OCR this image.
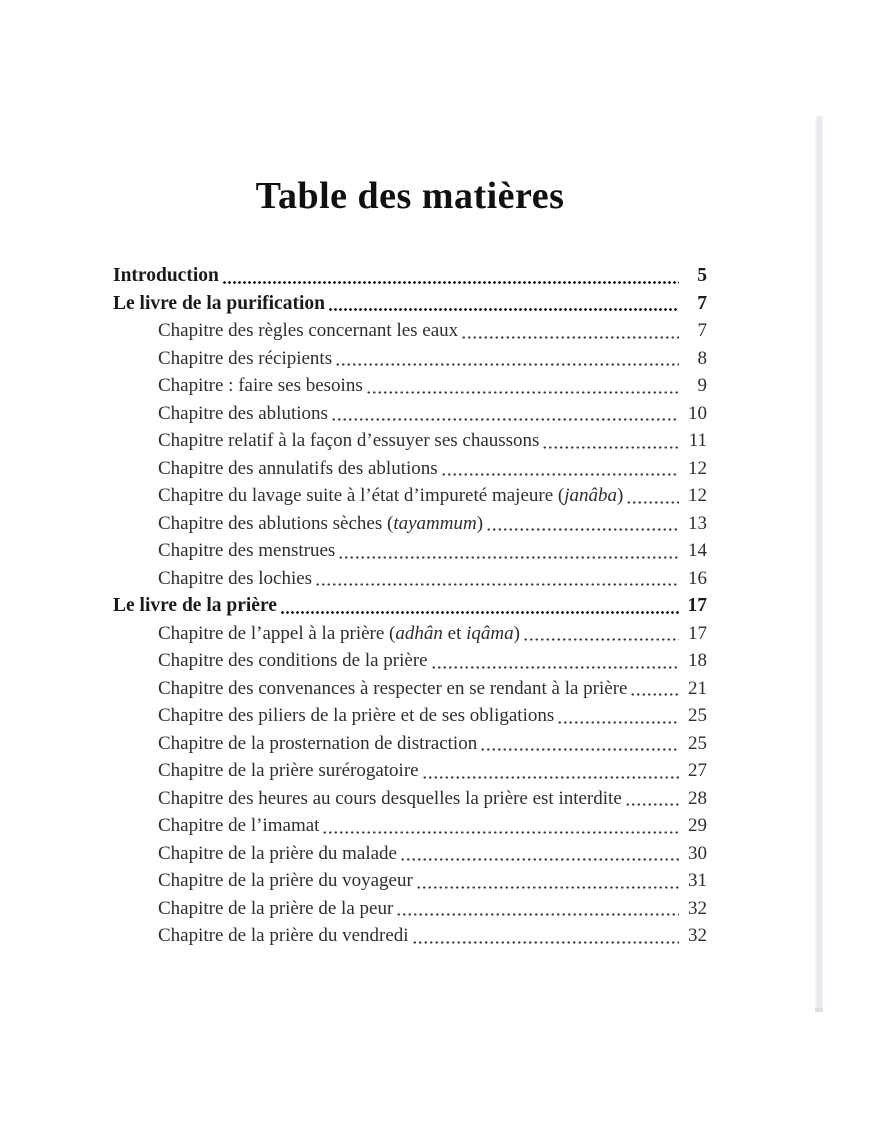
Table des matières
Introduction	5
Le livre de la purification	7
Chapitre des règles concernant les eaux	7
Chapitre des récipients	8
Chapitre : faire ses besoins	9
Chapitre des ablutions	10
Chapitre relatif à la façon d’essuyer ses chaussons	11
Chapitre des annulatifs des ablutions	12
Chapitre du lavage suite à l’état d’impureté majeure (janâba)	12
Chapitre des ablutions sèches (tayammum)	13
Chapitre des menstrues	14
Chapitre des lochies	16
Le livre de la prière	17
Chapitre de l’appel à la prière (adhân et iqâma)	17
Chapitre des conditions de la prière	18
Chapitre des convenances à respecter en se rendant à la prière	21
Chapitre des piliers de la prière et de ses obligations	25
Chapitre de la prosternation de distraction	25
Chapitre de la prière surérogatoire	27
Chapitre des heures au cours desquelles la prière est interdite	28
Chapitre de l’imamat	29
Chapitre de la prière du malade	30
Chapitre de la prière du voyageur	31
Chapitre de la prière de la peur	32
Chapitre de la prière du vendredi	32
